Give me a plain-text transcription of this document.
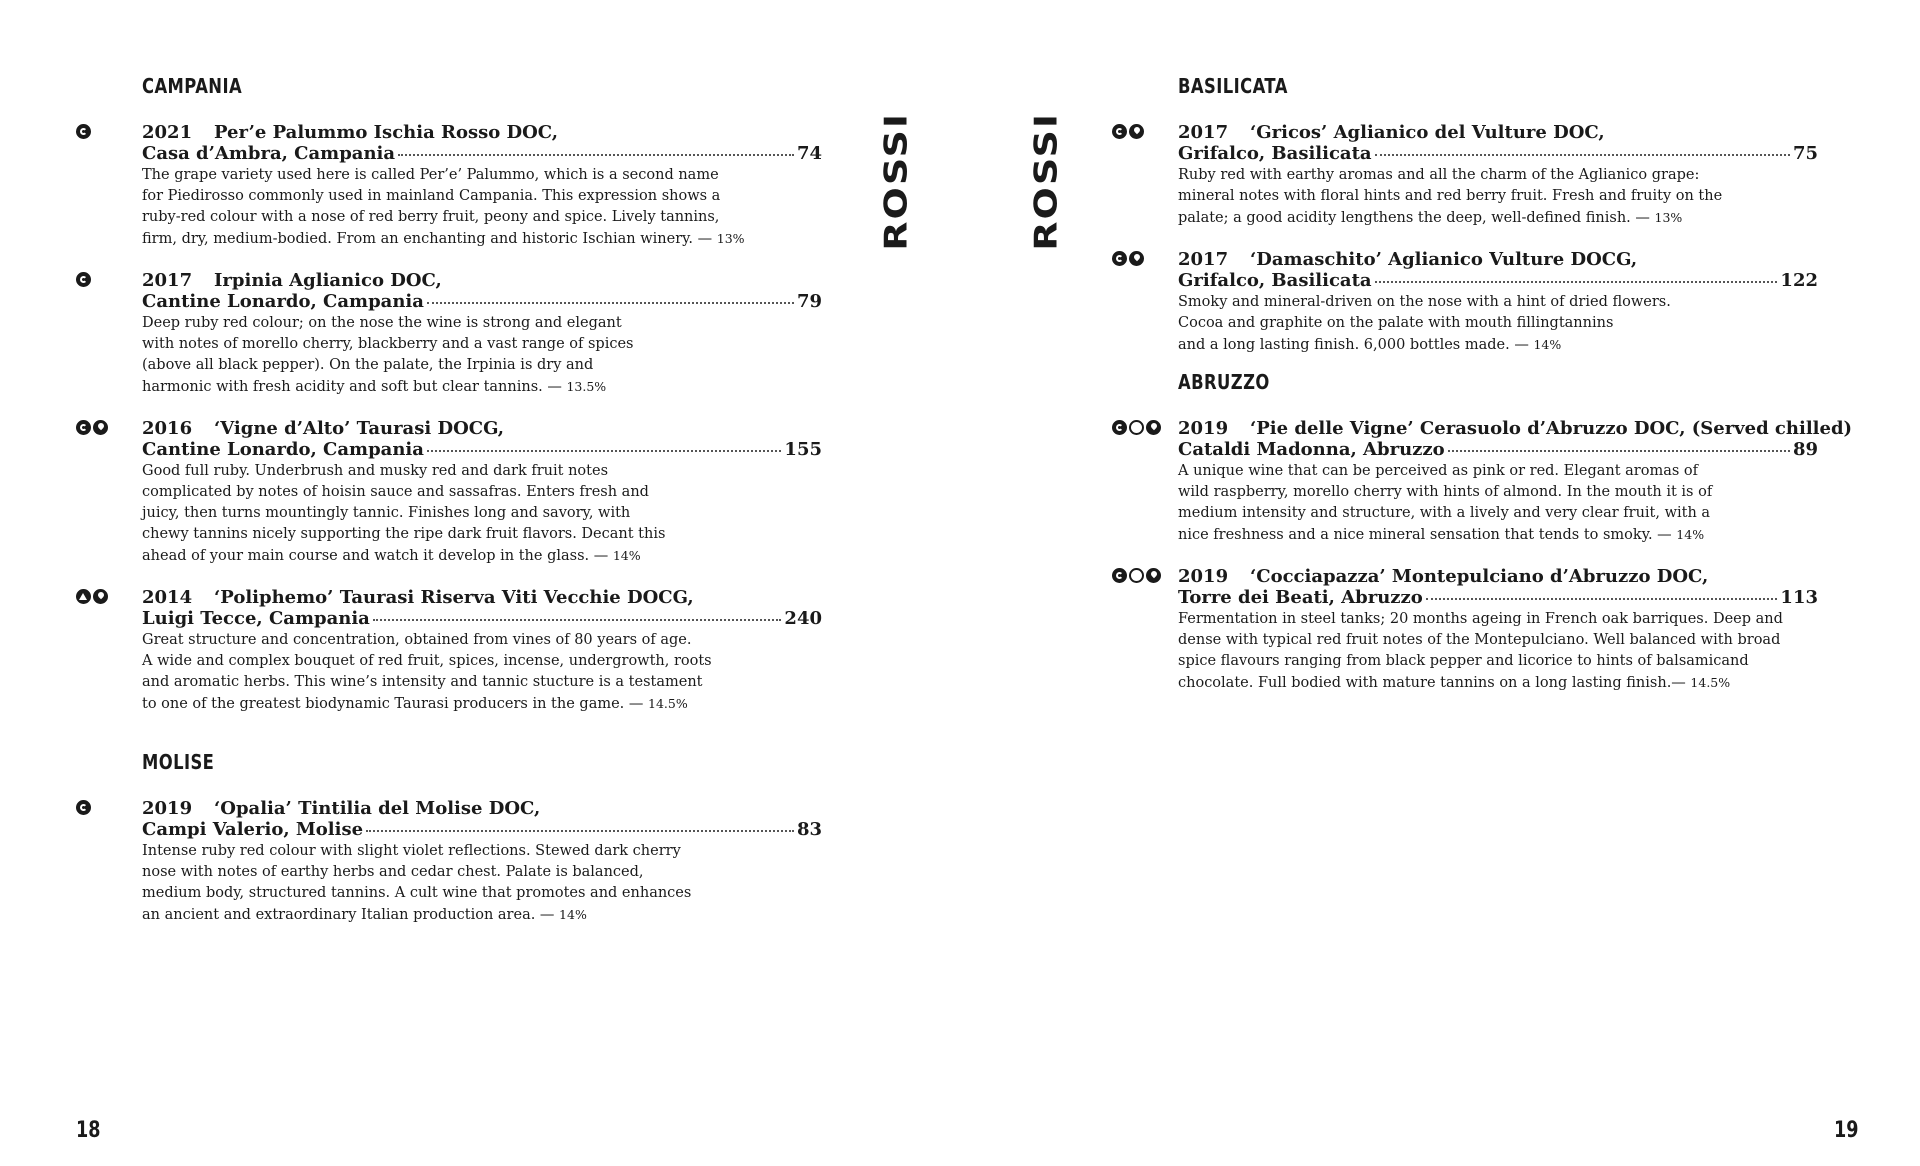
CAMPANIA
2021 Per’e Palummo Ischia Rosso DOC,
Casa d’Ambra, Campania	74
The grape variety used here is called Per’e’ Palummo, which is a second name
for Piedirosso commonly used in mainland Campania. This expression shows a
ruby-red colour with a nose of red berry fruit, peony and spice. Lively tannins,
firm, dry, medium-bodied. From an enchanting and historic Ischian winery. — 13%
2017 Irpinia Aglianico DOC,
Cantine Lonardo, Campania	79
Deep ruby red colour; on the nose the wine is strong and elegant
with notes of morello cherry, blackberry and a vast range of spices
(above all black pepper). On the palate, the Irpinia is dry and
harmonic with fresh acidity and soft but clear tannins. — 13.5%
2016 ‘Vigne d’Alto’ Taurasi DOCG,
Cantine Lonardo, Campania	155
Good full ruby. Underbrush and musky red and dark fruit notes
complicated by notes of hoisin sauce and sassafras. Enters fresh and
juicy, then turns mountingly tannic. Finishes long and savory, with
chewy tannins nicely supporting the ripe dark fruit flavors. Decant this
ahead of your main course and watch it develop in the glass. — 14%
2014 ‘Poliphemo’ Taurasi Riserva Viti Vecchie DOCG,
Luigi Tecce, Campania	240
Great structure and concentration, obtained from vines of 80 years of age.
A wide and complex bouquet of red fruit, spices, incense, undergrowth, roots
and aromatic herbs. This wine’s intensity and tannic stucture is a testament
to one of the greatest biodynamic Taurasi producers in the game. — 14.5%
MOLISE
2019 ‘Opalia’ Tintilia del Molise DOC,
Campi Valerio, Molise	83
Intense ruby red colour with slight violet reflections. Stewed dark cherry
nose with notes of earthy herbs and cedar chest. Palate is balanced,
medium body, structured tannins. A cult wine that promotes and enhances
an ancient and extraordinary Italian production area. — 14%
ROSSI
18
ROSSI
BASILICATA
2017 ‘Gricos’ Aglianico del Vulture DOC,
Grifalco, Basilicata	75
Ruby red with earthy aromas and all the charm of the Aglianico grape:
mineral notes with floral hints and red berry fruit. Fresh and fruity on the
palate; a good acidity lengthens the deep, well-defined finish. — 13%
2017 ‘Damaschito’ Aglianico Vulture DOCG,
Grifalco, Basilicata	122
Smoky and mineral-driven on the nose with a hint of dried flowers.
Cocoa and graphite on the palate with mouth fillingtannins
and a long lasting finish. 6,000 bottles made. — 14%
ABRUZZO
2019 ‘Pie delle Vigne’ Cerasuolo d’Abruzzo DOC, (Served chilled)
Cataldi Madonna, Abruzzo	89
A unique wine that can be perceived as pink or red. Elegant aromas of
wild raspberry, morello cherry with hints of almond. In the mouth it is of
medium intensity and structure, with a lively and very clear fruit, with a
nice freshness and a nice mineral sensation that tends to smoky. — 14%
2019 ‘Cocciapazza’ Montepulciano d’Abruzzo DOC,
Torre dei Beati, Abruzzo	113
Fermentation in steel tanks; 20 months ageing in French oak barriques. Deep and
dense with typical red fruit notes of the Montepulciano. Well balanced with broad
spice flavours ranging from black pepper and licorice to hints of balsamicand
chocolate. Full bodied with mature tannins on a long lasting finish.— 14.5%
19
